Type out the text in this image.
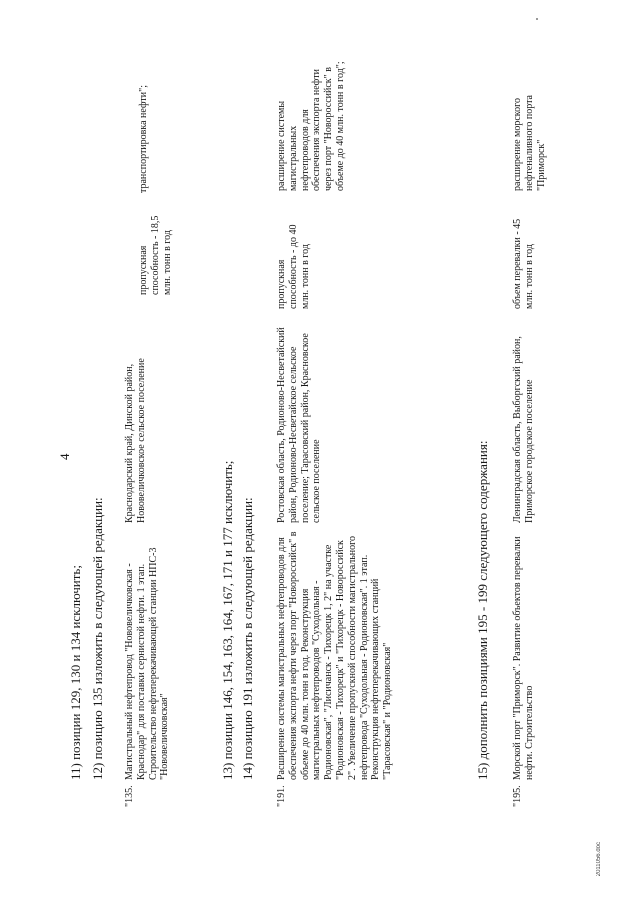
4
11) позиции 129, 130 и 134 исключить; 12) позицию 135 изложить в следующей редакции:
"135.
Магистральный нефтепровод "Нововеличковская - Краснодар" для поставки сернистой нефти. 1 этап. Строительство нефтеперекачивающей станции НПС-3 "Нововеличковская"
Краснодарский край, Динской район, Нововеличковское сельское поселение
пропускная способность - 18,5 млн. тонн в год
транспортировка нефти";
13) позиции 146, 154, 163, 164, 167, 171 и 177 исключить; 14) позицию 191 изложить в следующей редакции:
"191.
Расширение системы магистральных нефтепроводов для обеспечения экспорта нефти через порт "Новороссийск" в объеме до 40 млн. тонн в год. Реконструкция магистральных нефтепроводов "Суходольная - Родионовская", "Лисичанск - Тихорецк 1, 2" на участке "Родионовская - Тихорецк" и "Тихорецк - Новороссийск 2". Увеличение пропускной способности магистрального нефтепровода "Суходольная - Родионовская". 1 этап. Реконструкция нефтеперекачивающих станций "Тарасовская" и "Родионовская"
Ростовская область, Родионово-Несветайский район, Родионово-Несветайское сельское поселение; Тарасовский район, Красновское сельское поселение
пропускная способность - до 40 млн. тонн в год
расширение системы магистральных нефтепроводов для обеспечения экспорта нефти через порт "Новороссийск" в объеме до 40 млн. тонн в год";
15) дополнить позициями 195 - 199 следующего содержания:
"195.
Морской порт "Приморск". Развитие объектов перевалки нефти. Строительство
Ленинградская область, Выборгский район, Приморское городское поселение
объем перевалки - 45 млн. тонн в год
расширение морского нефтеналивного порта "Приморск"
2011056.doc
